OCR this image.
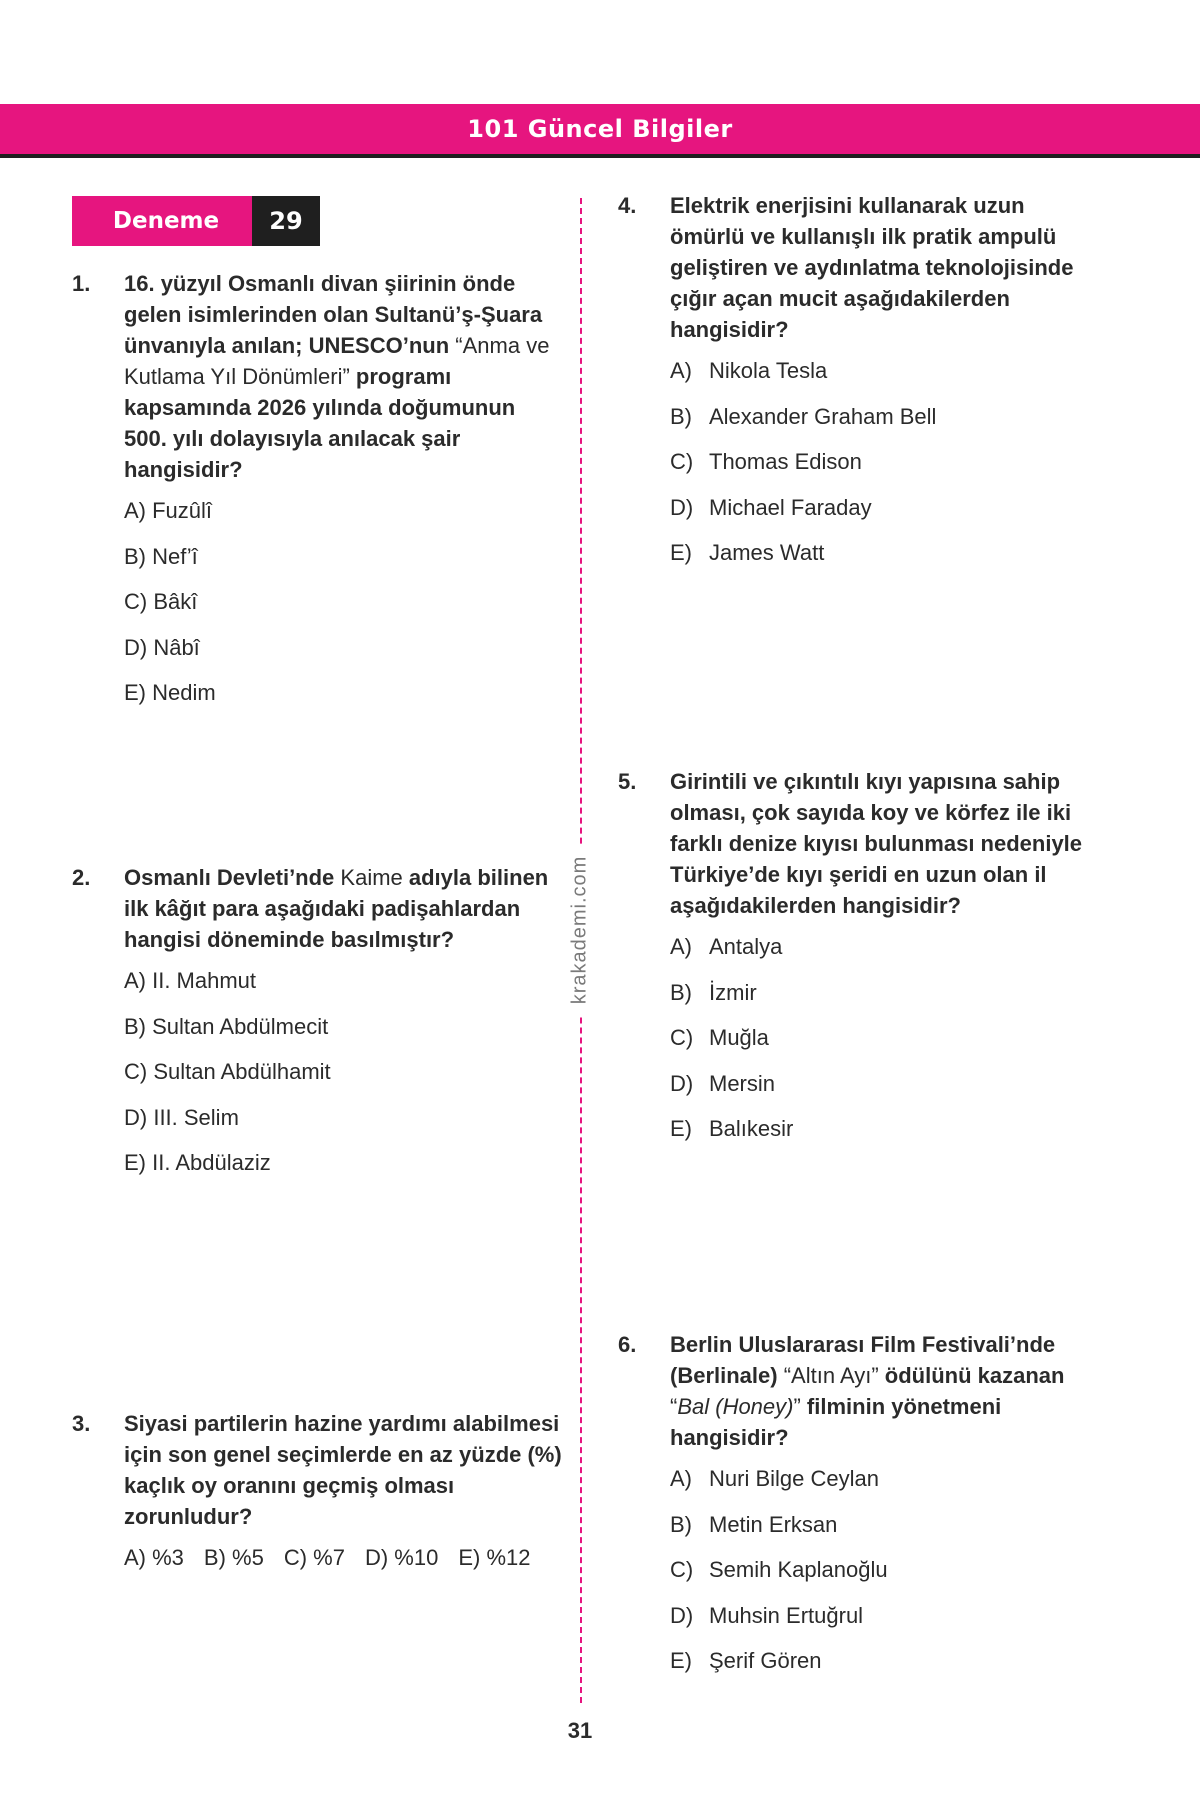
101 Güncel Bilgiler
Deneme	29
krakademi.com
1. 16. yüzyıl Osmanlı divan şiirinin önde gelen isimlerinden olan Sultanü’ş-Şuara ünvanıyla anılan; UNESCO’nun “Anma ve Kutlama Yıl Dönümleri” programı kapsamında 2026 yılında doğumunun 500. yılı dolayısıyla anılacak şair hangisidir?
A) Fuzûlî
B) Nef’î
C) Bâkî
D) Nâbî
E) Nedim
2. Osmanlı Devleti’nde Kaime adıyla bilinen ilk kâğıt para aşağıdaki padişahlardan hangisi döneminde basılmıştır?
A) II. Mahmut
B) Sultan Abdülmecit
C) Sultan Abdülhamit
D) III. Selim
E) II. Abdülaziz
3. Siyasi partilerin hazine yardımı alabilmesi için son genel seçimlerde en az yüzde (%) kaçlık oy oranını geçmiş olması zorunludur?
A) %3 B) %5 C) %7 D) %10 E) %12
4. Elektrik enerjisini kullanarak uzun ömürlü ve kullanışlı ilk pratik ampulü geliştiren ve aydınlatma teknolojisinde çığır açan mucit aşağıdakilerden hangisidir?
A) Nikola Tesla
B) Alexander Graham Bell
C) Thomas Edison
D) Michael Faraday
E) James Watt
5. Girintili ve çıkıntılı kıyı yapısına sahip olması, çok sayıda koy ve körfez ile iki farklı denize kıyısı bulunması nedeniyle Türkiye’de kıyı şeridi en uzun olan il aşağıdakilerden hangisidir?
A) Antalya
B) İzmir
C) Muğla
D) Mersin
E) Balıkesir
6. Berlin Uluslararası Film Festivali’nde (Berlinale) “Altın Ayı” ödülünü kazanan “Bal (Honey)” filminin yönetmeni hangisidir?
A) Nuri Bilge Ceylan
B) Metin Erksan
C) Semih Kaplanoğlu
D) Muhsin Ertuğrul
E) Şerif Gören
31
